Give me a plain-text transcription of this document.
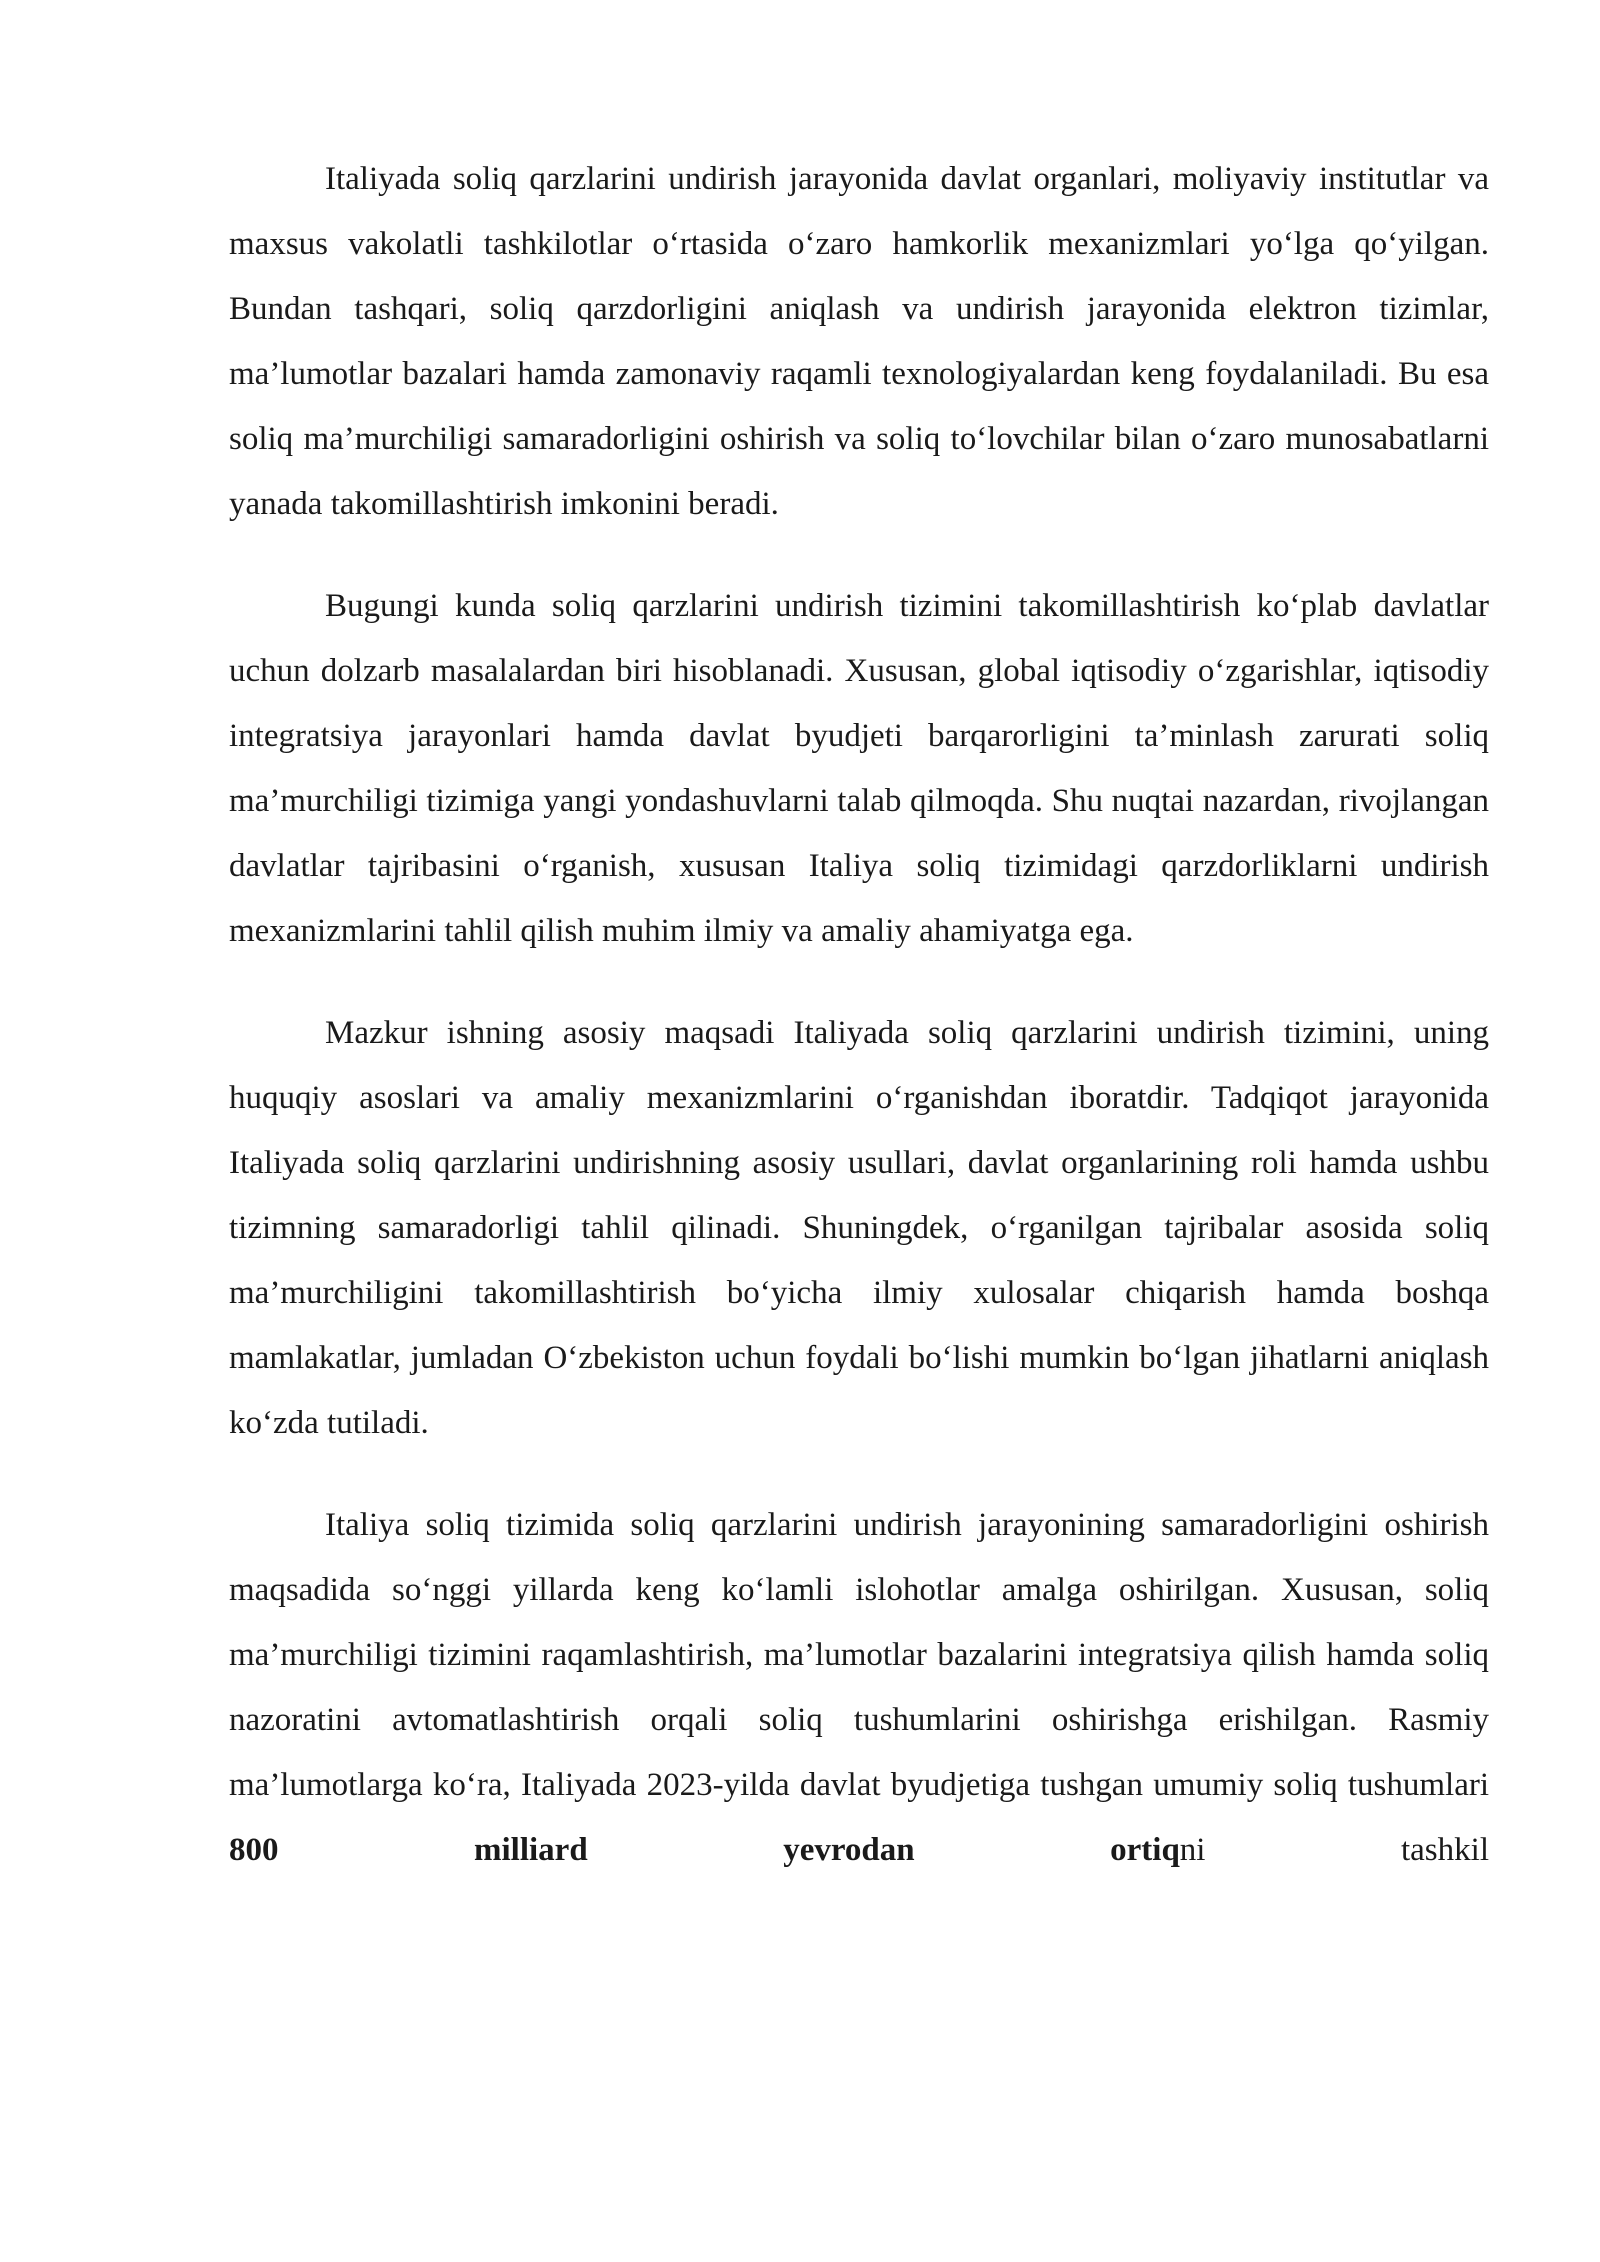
Italiyada soliq qarzlarini undirish jarayonida davlat organlari, moliyaviy institutlar va maxsus vakolatli tashkilotlar o‘rtasida o‘zaro hamkorlik mexanizmlari yo‘lga qo‘yilgan. Bundan tashqari, soliq qarzdorligini aniqlash va undirish jarayonida elektron tizimlar, ma’lumotlar bazalari hamda zamonaviy raqamli texnologiyalardan keng foydalaniladi. Bu esa soliq ma’murchiligi samaradorligini oshirish va soliq to‘lovchilar bilan o‘zaro munosabatlarni yanada takomillashtirish imkonini beradi.

Bugungi kunda soliq qarzlarini undirish tizimini takomillashtirish ko‘plab davlatlar uchun dolzarb masalalardan biri hisoblanadi. Xususan, global iqtisodiy o‘zgarishlar, iqtisodiy integratsiya jarayonlari hamda davlat byudjeti barqarorligini ta’minlash zarurati soliq ma’murchiligi tizimiga yangi yondashuvlarni talab qilmoqda. Shu nuqtai nazardan, rivojlangan davlatlar tajribasini o‘rganish, xususan Italiya soliq tizimidagi qarzdorliklarni undirish mexanizmlarini tahlil qilish muhim ilmiy va amaliy ahamiyatga ega.

Mazkur ishning asosiy maqsadi Italiyada soliq qarzlarini undirish tizimini, uning huquqiy asoslari va amaliy mexanizmlarini o‘rganishdan iboratdir. Tadqiqot jarayonida Italiyada soliq qarzlarini undirishning asosiy usullari, davlat organlarining roli hamda ushbu tizimning samaradorligi tahlil qilinadi. Shuningdek, o‘rganilgan tajribalar asosida soliq ma’murchiligini takomillashtirish bo‘yicha ilmiy xulosalar chiqarish hamda boshqa mamlakatlar, jumladan O‘zbekiston uchun foydali bo‘lishi mumkin bo‘lgan jihatlarni aniqlash ko‘zda tutiladi.

Italiya soliq tizimida soliq qarzlarini undirish jarayonining samaradorligini oshirish maqsadida so‘nggi yillarda keng ko‘lamli islohotlar amalga oshirilgan. Xususan, soliq ma’murchiligi tizimini raqamlashtirish, ma’lumotlar bazalarini integratsiya qilish hamda soliq nazoratini avtomatlashtirish orqali soliq tushumlarini oshirishga erishilgan. Rasmiy ma’lumotlarga ko‘ra, Italiyada 2023-yilda davlat byudjetiga tushgan umumiy soliq tushumlari 800 milliard yevrodan ortiqni tashkil
